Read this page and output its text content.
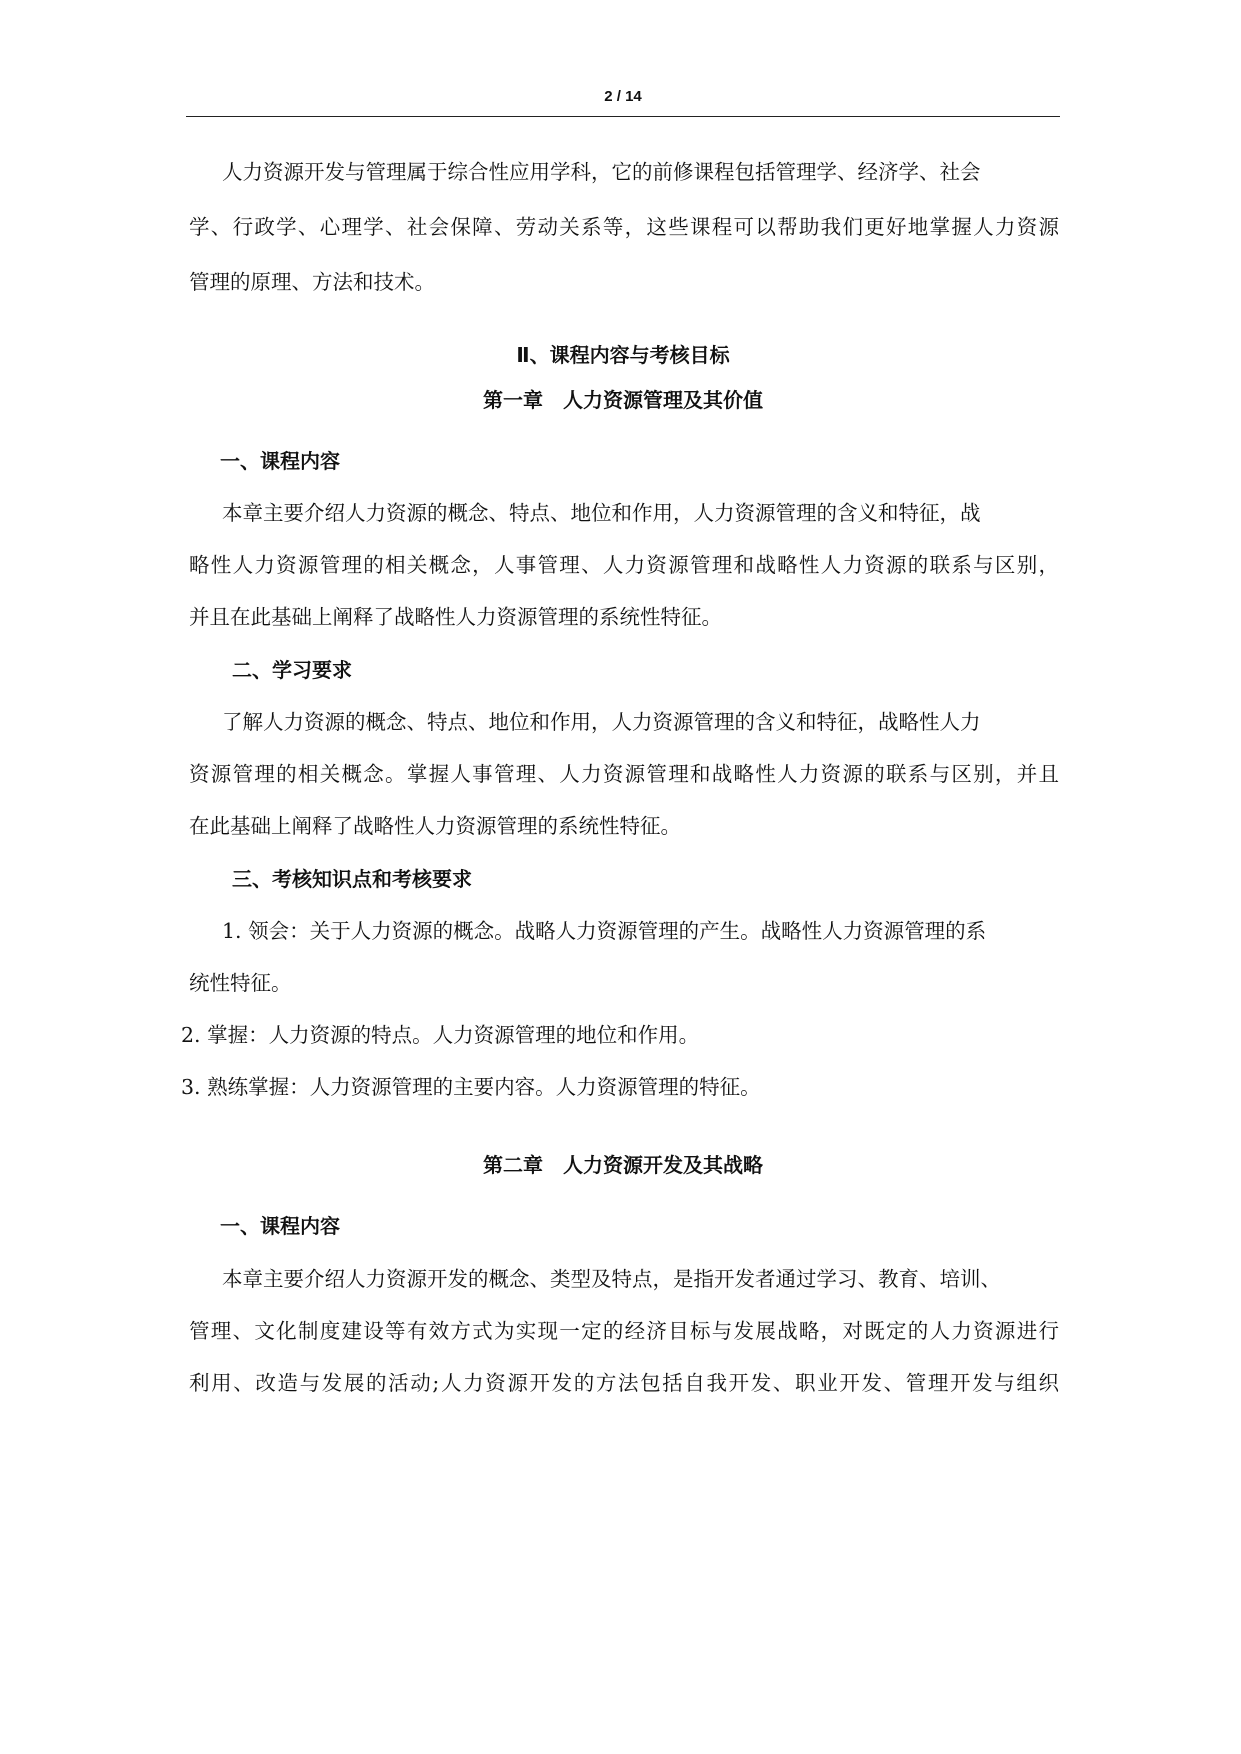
2 / 14
人力资源开发与管理属于综合性应用学科，它的前修课程包括管理学、经济学、社会
学、行政学、心理学、社会保障、劳动关系等，这些课程可以帮助我们更好地掌握人力资源
管理的原理、方法和技术。
Ⅱ、课程内容与考核目标
第一章　人力资源管理及其价值
一、课程内容
本章主要介绍人力资源的概念、特点、地位和作用，人力资源管理的含义和特征，战
略性人力资源管理的相关概念，人事管理、人力资源管理和战略性人力资源的联系与区别，
并且在此基础上阐释了战略性人力资源管理的系统性特征。
二、学习要求
了解人力资源的概念、特点、地位和作用，人力资源管理的含义和特征，战略性人力
资源管理的相关概念。掌握人事管理、人力资源管理和战略性人力资源的联系与区别，并且
在此基础上阐释了战略性人力资源管理的系统性特征。
三、考核知识点和考核要求
1. 领会：关于人力资源的概念。战略人力资源管理的产生。战略性人力资源管理的系
统性特征。
2. 掌握：人力资源的特点。人力资源管理的地位和作用。
3. 熟练掌握：人力资源管理的主要内容。人力资源管理的特征。
第二章　人力资源开发及其战略
一、课程内容
本章主要介绍人力资源开发的概念、类型及特点，是指开发者通过学习、教育、培训、
管理、文化制度建设等有效方式为实现一定的经济目标与发展战略，对既定的人力资源进行
利用、改造与发展的活动;人力资源开发的方法包括自我开发、职业开发、管理开发与组织
